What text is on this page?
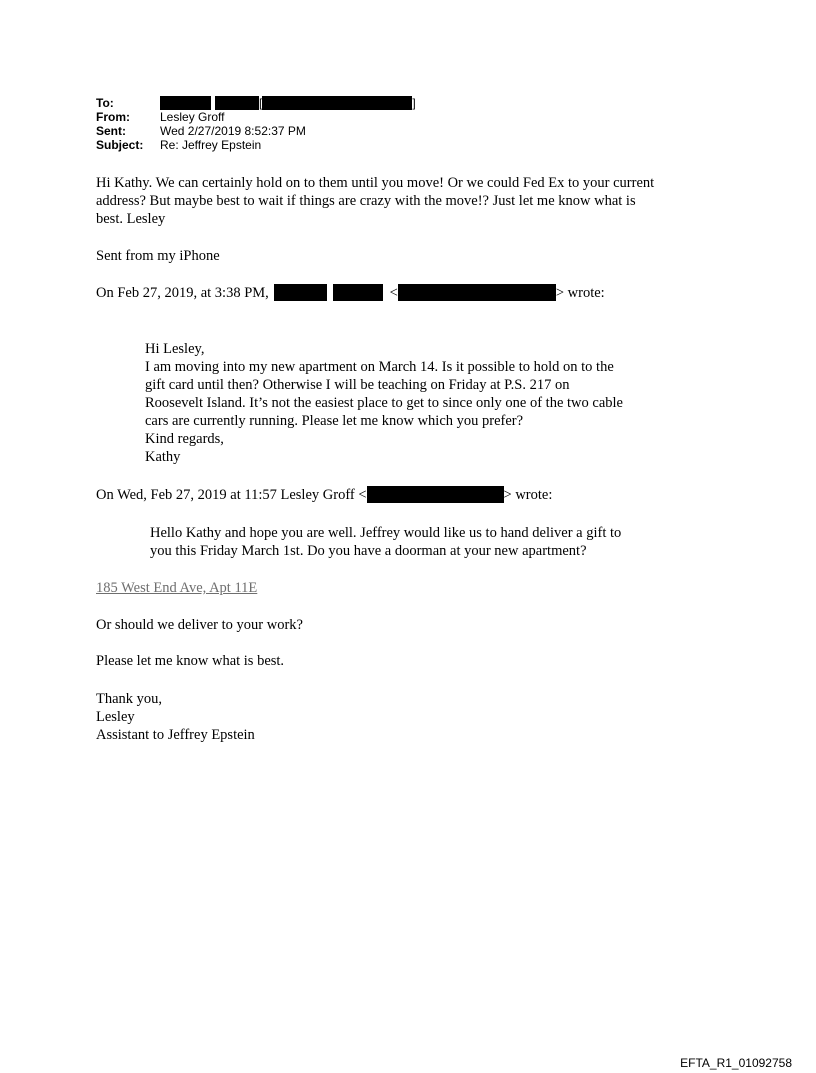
To:	[	]
From:	Lesley Groff
Sent:	Wed 2/27/2019 8:52:37 PM
Subject:	Re: Jeffrey Epstein
Hi Kathy. We can certainly hold on to them until you move! Or we could Fed Ex to your current
address? But maybe best to wait if things are crazy with the move!? Just let me know what is
best. Lesley
Sent from my iPhone
On Feb 27, 2019, at 3:38 PM,	<	> wrote:
Hi Lesley,
I am moving into my new apartment on March 14. Is it possible to hold on to the
gift card until then? Otherwise I will be teaching on Friday at P.S. 217 on
Roosevelt Island. It’s not the easiest place to get to since only one of the two cable
cars are currently running. Please let me know which you prefer?
Kind regards,
Kathy
On Wed, Feb 27, 2019 at 11:57 Lesley Groff <	> wrote:
Hello Kathy and hope you are well. Jeffrey would like us to hand deliver a gift to
you this Friday March 1st. Do you have a doorman at your new apartment?
185 West End Ave, Apt 11E
Or should we deliver to your work?
Please let me know what is best.
Thank you,
Lesley
Assistant to Jeffrey Epstein
EFTA_R1_01092758
